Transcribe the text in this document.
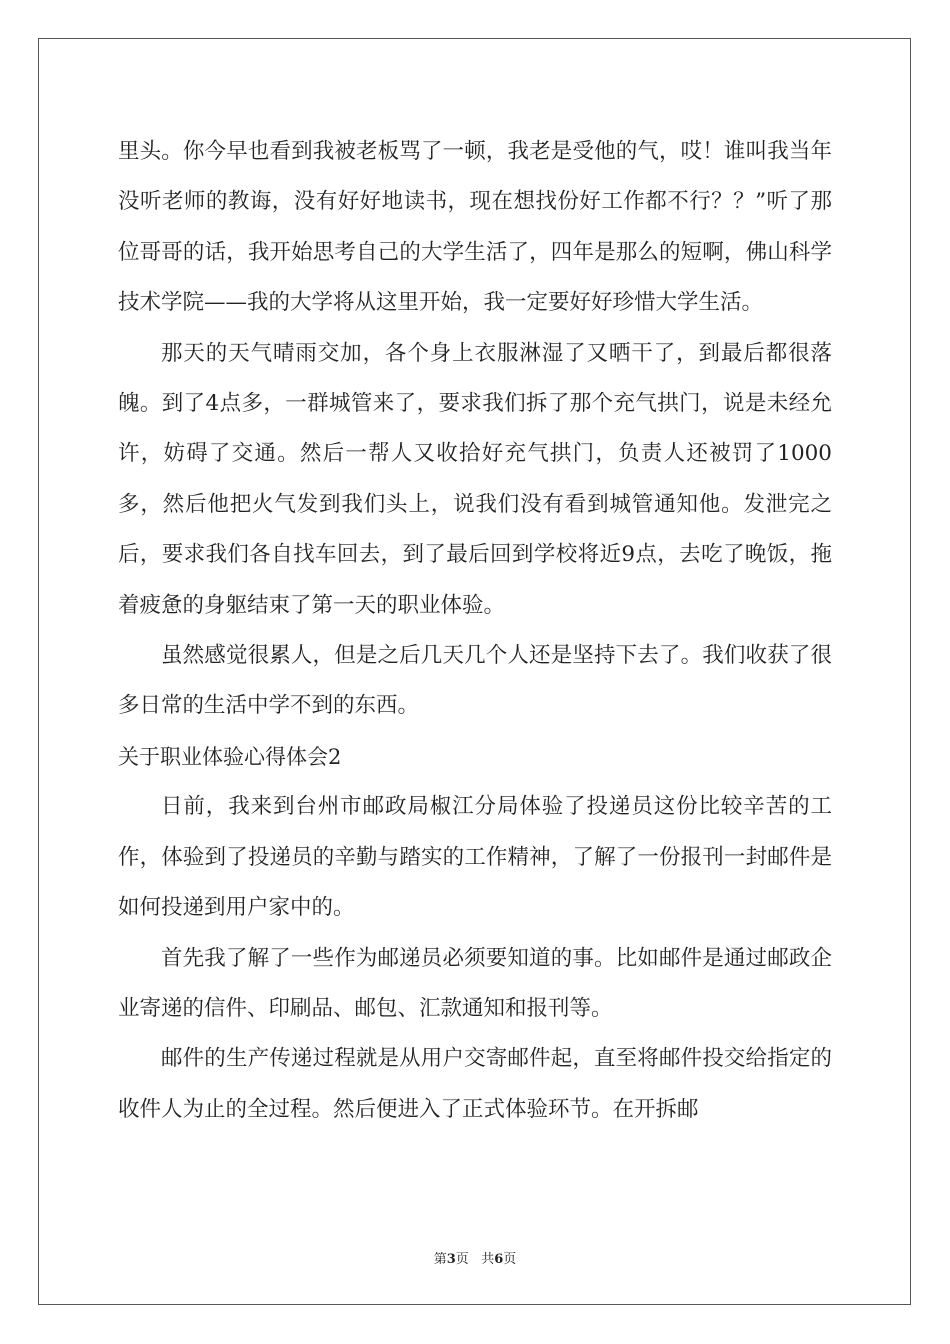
里头。你今早也看到我被老板骂了一顿，我老是受他的气，哎！谁叫我当年没听老师的教诲，没有好好地读书，现在想找份好工作都不行？？”听了那位哥哥的话，我开始思考自己的大学生活了，四年是那么的短啊，佛山科学技术学院——我的大学将从这里开始，我一定要好好珍惜大学生活。

那天的天气晴雨交加，各个身上衣服淋湿了又晒干了，到最后都很落魄。到了4点多，一群城管来了，要求我们拆了那个充气拱门，说是未经允许，妨碍了交通。然后一帮人又收拾好充气拱门，负责人还被罚了1000多，然后他把火气发到我们头上，说我们没有看到城管通知他。发泄完之后，要求我们各自找车回去，到了最后回到学校将近9点，去吃了晚饭，拖着疲惫的身躯结束了第一天的职业体验。

虽然感觉很累人，但是之后几天几个人还是坚持下去了。我们收获了很多日常的生活中学不到的东西。

关于职业体验心得体会2

日前，我来到台州市邮政局椒江分局体验了投递员这份比较辛苦的工作，体验到了投递员的辛勤与踏实的工作精神，了解了一份报刊一封邮件是如何投递到用户家中的。

首先我了解了一些作为邮递员必须要知道的事。比如邮件是通过邮政企业寄递的信件、印刷品、邮包、汇款通知和报刊等。

邮件的生产传递过程就是从用户交寄邮件起，直至将邮件投交给指定的收件人为止的全过程。然后便进入了正式体验环节。在开拆邮

第3页 共6页
